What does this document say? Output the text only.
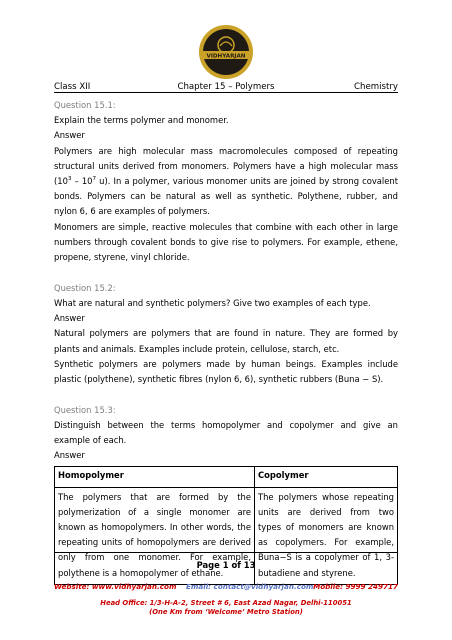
VIDHYARJAN
Class XII	Chapter 15 – Polymers	Chemistry
Question 15.1:
Explain the terms polymer and monomer.
Answer
Polymers are high molecular mass macromolecules composed of repeating structural units derived from monomers. Polymers have a high molecular mass ($10^3 - 10^7$ u). In a polymer, various monomer units are joined by strong covalent bonds. Polymers can be natural as well as synthetic. Polythene, rubber, and nylon 6, 6 are examples of polymers.
Monomers are simple, reactive molecules that combine with each other in large numbers through covalent bonds to give rise to polymers. For example, ethene, propene, styrene, vinyl chloride.
Question 15.2:
What are natural and synthetic polymers? Give two examples of each type.
Answer
Natural polymers are polymers that are found in nature. They are formed by plants and animals. Examples include protein, cellulose, starch, etc.
Synthetic polymers are polymers made by human beings. Examples include plastic (polythene), synthetic fibres (nylon 6, 6), synthetic rubbers (Buna − S).
Question 15.3:
Distinguish between the terms homopolymer and copolymer and give an example of each.
Answer
Homopolymer	Copolymer
The polymers that are formed by the polymerization of a single monomer are known as homopolymers. In other words, the repeating units of homopolymers are derived only from one monomer. For example, polythene is a homopolymer of ethane.	The polymers whose repeating units are derived from two types of monomers are known as copolymers. For example, Buna−S is a copolymer of 1, 3-butadiene and styrene.
Page 1 of 13
Website: www.vidhyarjan.com Email: contact@vidhyarjan.com Mobile: 9999 249717
Head Office: 1/3-H-A-2, Street # 6, East Azad Nagar, Delhi-110051
(One Km from ‘Welcome’ Metro Station)
